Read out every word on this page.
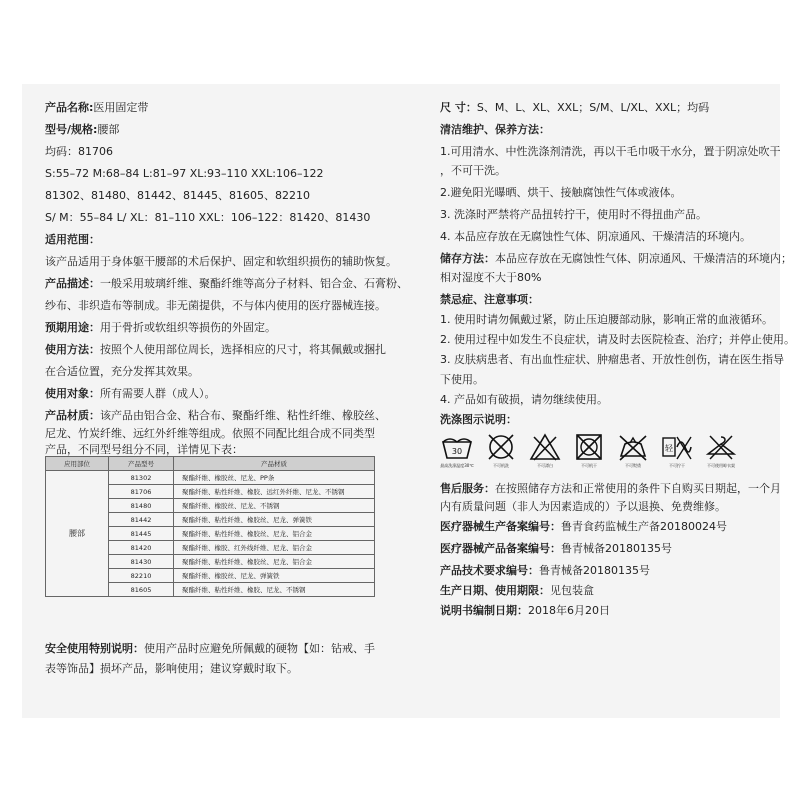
产品名称:医用固定带
型号/规格:腰部
均码：81706
S:55–72 M:68–84 L:81–97 XL:93–110 XXL:106–122
81302、81480、81442、81445、81605、82210
S/ M：55–84 L/ XL：81–110 XXL：106–122：81420、81430
适用范围：
该产品适用于身体躯干腰部的术后保护、固定和软组织损伤的辅助恢复。
产品描述：一般采用玻璃纤维、聚酯纤维等高分子材料、铝合金、石膏粉、
纱布、非织造布等制成。非无菌提供，不与体内使用的医疗器械连接。
预期用途：用于骨折或软组织等损伤的外固定。
使用方法：按照个人使用部位周长，选择相应的尺寸，将其佩戴或捆扎
在合适位置，充分发挥其效果。
使用对象：所有需要人群（成人）。
产品材质：该产品由铝合金、粘合布、聚酯纤维、粘性纤维、橡胶丝、
尼龙、竹炭纤维、远红外纤维等组成。依照不同配比组合成不同类型
产品，不同型号组分不同，详情见下表：
应用部位	产品型号	产品材质
腰部	81302	聚酯纤维、橡胶丝、尼龙、PP条
	81706	聚酯纤维、粘性纤维、橡胶、远红外纤维、尼龙、不锈钢
	81480	聚酯纤维、橡胶丝、尼龙、不锈钢
	81442	聚酯纤维、粘性纤维、橡胶丝、尼龙、弹簧铁
	81445	聚酯纤维、粘性纤维、橡胶丝、尼龙、铝合金
	81420	聚酯纤维、橡胶、红外线纤维、尼龙、铝合金
	81430	聚酯纤维、粘性纤维、橡胶丝、尼龙、铝合金
	82210	聚酯纤维、橡胶丝、尼龙、弹簧铁
	81605	聚酯纤维、粘性纤维、橡胶、尼龙、不锈钢
安全使用特别说明：使用产品时应避免所佩戴的硬物【如：钻戒、手
表等饰品】损坏产品，影响使用；建议穿戴时取下。
尺 寸：S、M、L、XL、XXL；S/M、L/XL、XXL；均码
清洁维护、保养方法：
1.可用清水、中性洗涤剂清洗，再以干毛巾吸干水分，置于阴凉处吹干
，不可干洗。
2.避免阳光曝晒、烘干、接触腐蚀性气体或液体。
3. 洗涤时严禁将产品扭转拧干，使用时不得扭曲产品。
4. 本品应存放在无腐蚀性气体、阴凉通风、干燥清洁的环境内。
储存方法：本品应存放在无腐蚀性气体、阴凉通风、干燥清洁的环境内；
相对湿度不大于80%
禁忌症、注意事项：
1. 使用时请勿佩戴过紧，防止压迫腰部动脉，影响正常的血液循环。
2. 使用过程中如发生不良症状，请及时去医院检查、治疗；并停止使用。
3. 皮肤病患者、有出血性症状、肿瘤患者、开放性创伤，请在医生指导
下使用。
4. 产品如有破损，请勿继续使用。
洗涤图示说明：
30
最高洗涤温度30℃	不可机洗	不可漂白	不可机干	不可熨烫
轻
不可拧干	不可使用晾衣架
售后服务：在按照储存方法和正常使用的条件下自购买日期起，一个月
内有质量问题（非人为因素造成的）予以退换、免费维修。
医疗器械生产备案编号：鲁青食药监械生产备20180024号
医疗器械产品备案编号：鲁青械备20180135号
产品技术要求编号：鲁青械备20180135号
生产日期、使用期限：见包装盒
说明书编制日期：2018年6月20日
